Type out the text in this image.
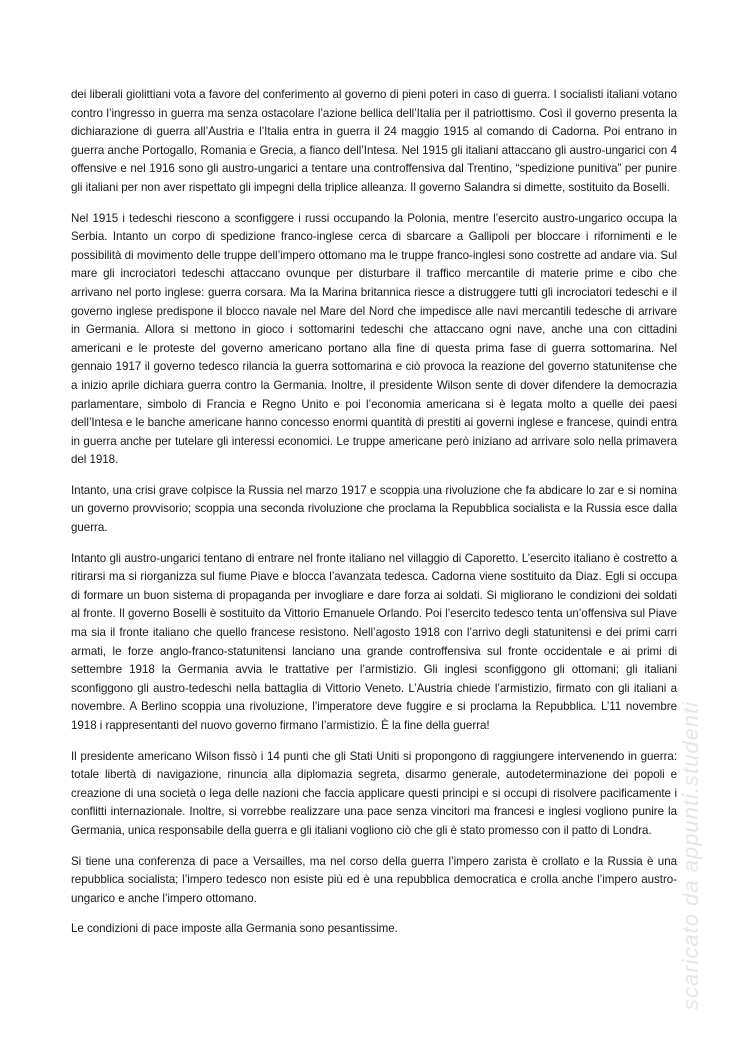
dei liberali giolittiani vota a favore del conferimento al governo di pieni poteri in caso di guerra. I socialisti italiani votano contro l’ingresso in guerra ma senza ostacolare l’azione bellica dell’Italia per il patriottismo. Così il governo presenta la dichiarazione di guerra all’Austria e l’Italia entra in guerra il 24 maggio 1915 al comando di Cadorna. Poi entrano in guerra anche Portogallo, Romania e Grecia, a fianco dell’Intesa. Nel 1915 gli italiani attaccano gli austro-ungarici con 4 offensive e nel 1916 sono gli austro-ungarici a tentare una controffensiva dal Trentino, “spedizione punitiva” per punire gli italiani per non aver rispettato gli impegni della triplice alleanza. Il governo Salandra si dimette, sostituito da Boselli.

Nel 1915 i tedeschi riescono a sconfiggere i russi occupando la Polonia, mentre l’esercito austro-ungarico occupa la Serbia. Intanto un corpo di spedizione franco-inglese cerca di sbarcare a Gallipoli per bloccare i rifornimenti e le possibilità di movimento delle truppe dell’impero ottomano ma le truppe franco-inglesi sono costrette ad andare via. Sul mare gli incrociatori tedeschi attaccano ovunque per disturbare il traffico mercantile di materie prime e cibo che arrivano nel porto inglese: guerra corsara. Ma la Marina britannica riesce a distruggere tutti gli incrociatori tedeschi e il governo inglese predispone il blocco navale nel Mare del Nord che impedisce alle navi mercantili tedesche di arrivare in Germania. Allora si mettono in gioco i sottomarini tedeschi che attaccano ogni nave, anche una con cittadini americani e le proteste del governo americano portano alla fine di questa prima fase di guerra sottomarina. Nel gennaio 1917 il governo tedesco rilancia la guerra sottomarina e ciò provoca la reazione del governo statunitense che a inizio aprile dichiara guerra contro la Germania. Inoltre, il presidente Wilson sente di dover difendere la democrazia parlamentare, simbolo di Francia e Regno Unito e poi l’economia americana si è legata molto a quelle dei paesi dell’Intesa e le banche americane hanno concesso enormi quantità di prestiti ai governi inglese e francese, quindi entra in guerra anche per tutelare gli interessi economici. Le truppe americane però iniziano ad arrivare solo nella primavera del 1918.

Intanto, una crisi grave colpisce la Russia nel marzo 1917 e scoppia una rivoluzione che fa abdicare lo zar e si nomina un governo provvisorio; scoppia una seconda rivoluzione che proclama la Repubblica socialista e la Russia esce dalla guerra.

Intanto gli austro-ungarici tentano di entrare nel fronte italiano nel villaggio di Caporetto. L’esercito italiano è costretto a ritirarsi ma si riorganizza sul fiume Piave e blocca l’avanzata tedesca. Cadorna viene sostituito da Diaz. Egli si occupa di formare un buon sistema di propaganda per invogliare e dare forza ai soldati. Si migliorano le condizioni dei soldati al fronte. Il governo Boselli è sostituito da Vittorio Emanuele Orlando. Poi l’esercito tedesco tenta un’offensiva sul Piave ma sia il fronte italiano che quello francese resistono. Nell’agosto 1918 con l’arrivo degli statunitensi e dei primi carri armati, le forze anglo-franco-statunitensi lanciano una grande controffensiva sul fronte occidentale e ai primi di settembre 1918 la Germania avvia le trattative per l’armistizio. Gli inglesi sconfiggono gli ottomani; gli italiani sconfiggono gli austro-tedeschi nella battaglia di Vittorio Veneto. L’Austria chiede l’armistizio, firmato con gli italiani a novembre. A Berlino scoppia una rivoluzione, l’imperatore deve fuggire e si proclama la Repubblica. L’11 novembre 1918 i rappresentanti del nuovo governo firmano l’armistizio. È la fine della guerra!

Il presidente americano Wilson fissò i 14 punti che gli Stati Uniti si propongono di raggiungere intervenendo in guerra: totale libertà di navigazione, rinuncia alla diplomazia segreta, disarmo generale, autodeterminazione dei popoli e creazione di una società o lega delle nazioni che faccia applicare questi principi e si occupi di risolvere pacificamente i conflitti internazionale. Inoltre, si vorrebbe realizzare una pace senza vincitori ma francesi e inglesi vogliono punire la Germania, unica responsabile della guerra e gli italiani vogliono ciò che gli è stato promesso con il patto di Londra.

Si tiene una conferenza di pace a Versailles, ma nel corso della guerra l’impero zarista è crollato e la Russia è una repubblica socialista; l’impero tedesco non esiste più ed è una repubblica democratica e crolla anche l’impero austro-ungarico e anche l’impero ottomano.

Le condizioni di pace imposte alla Germania sono pesantissime.	scaricato da appunti.studenti
